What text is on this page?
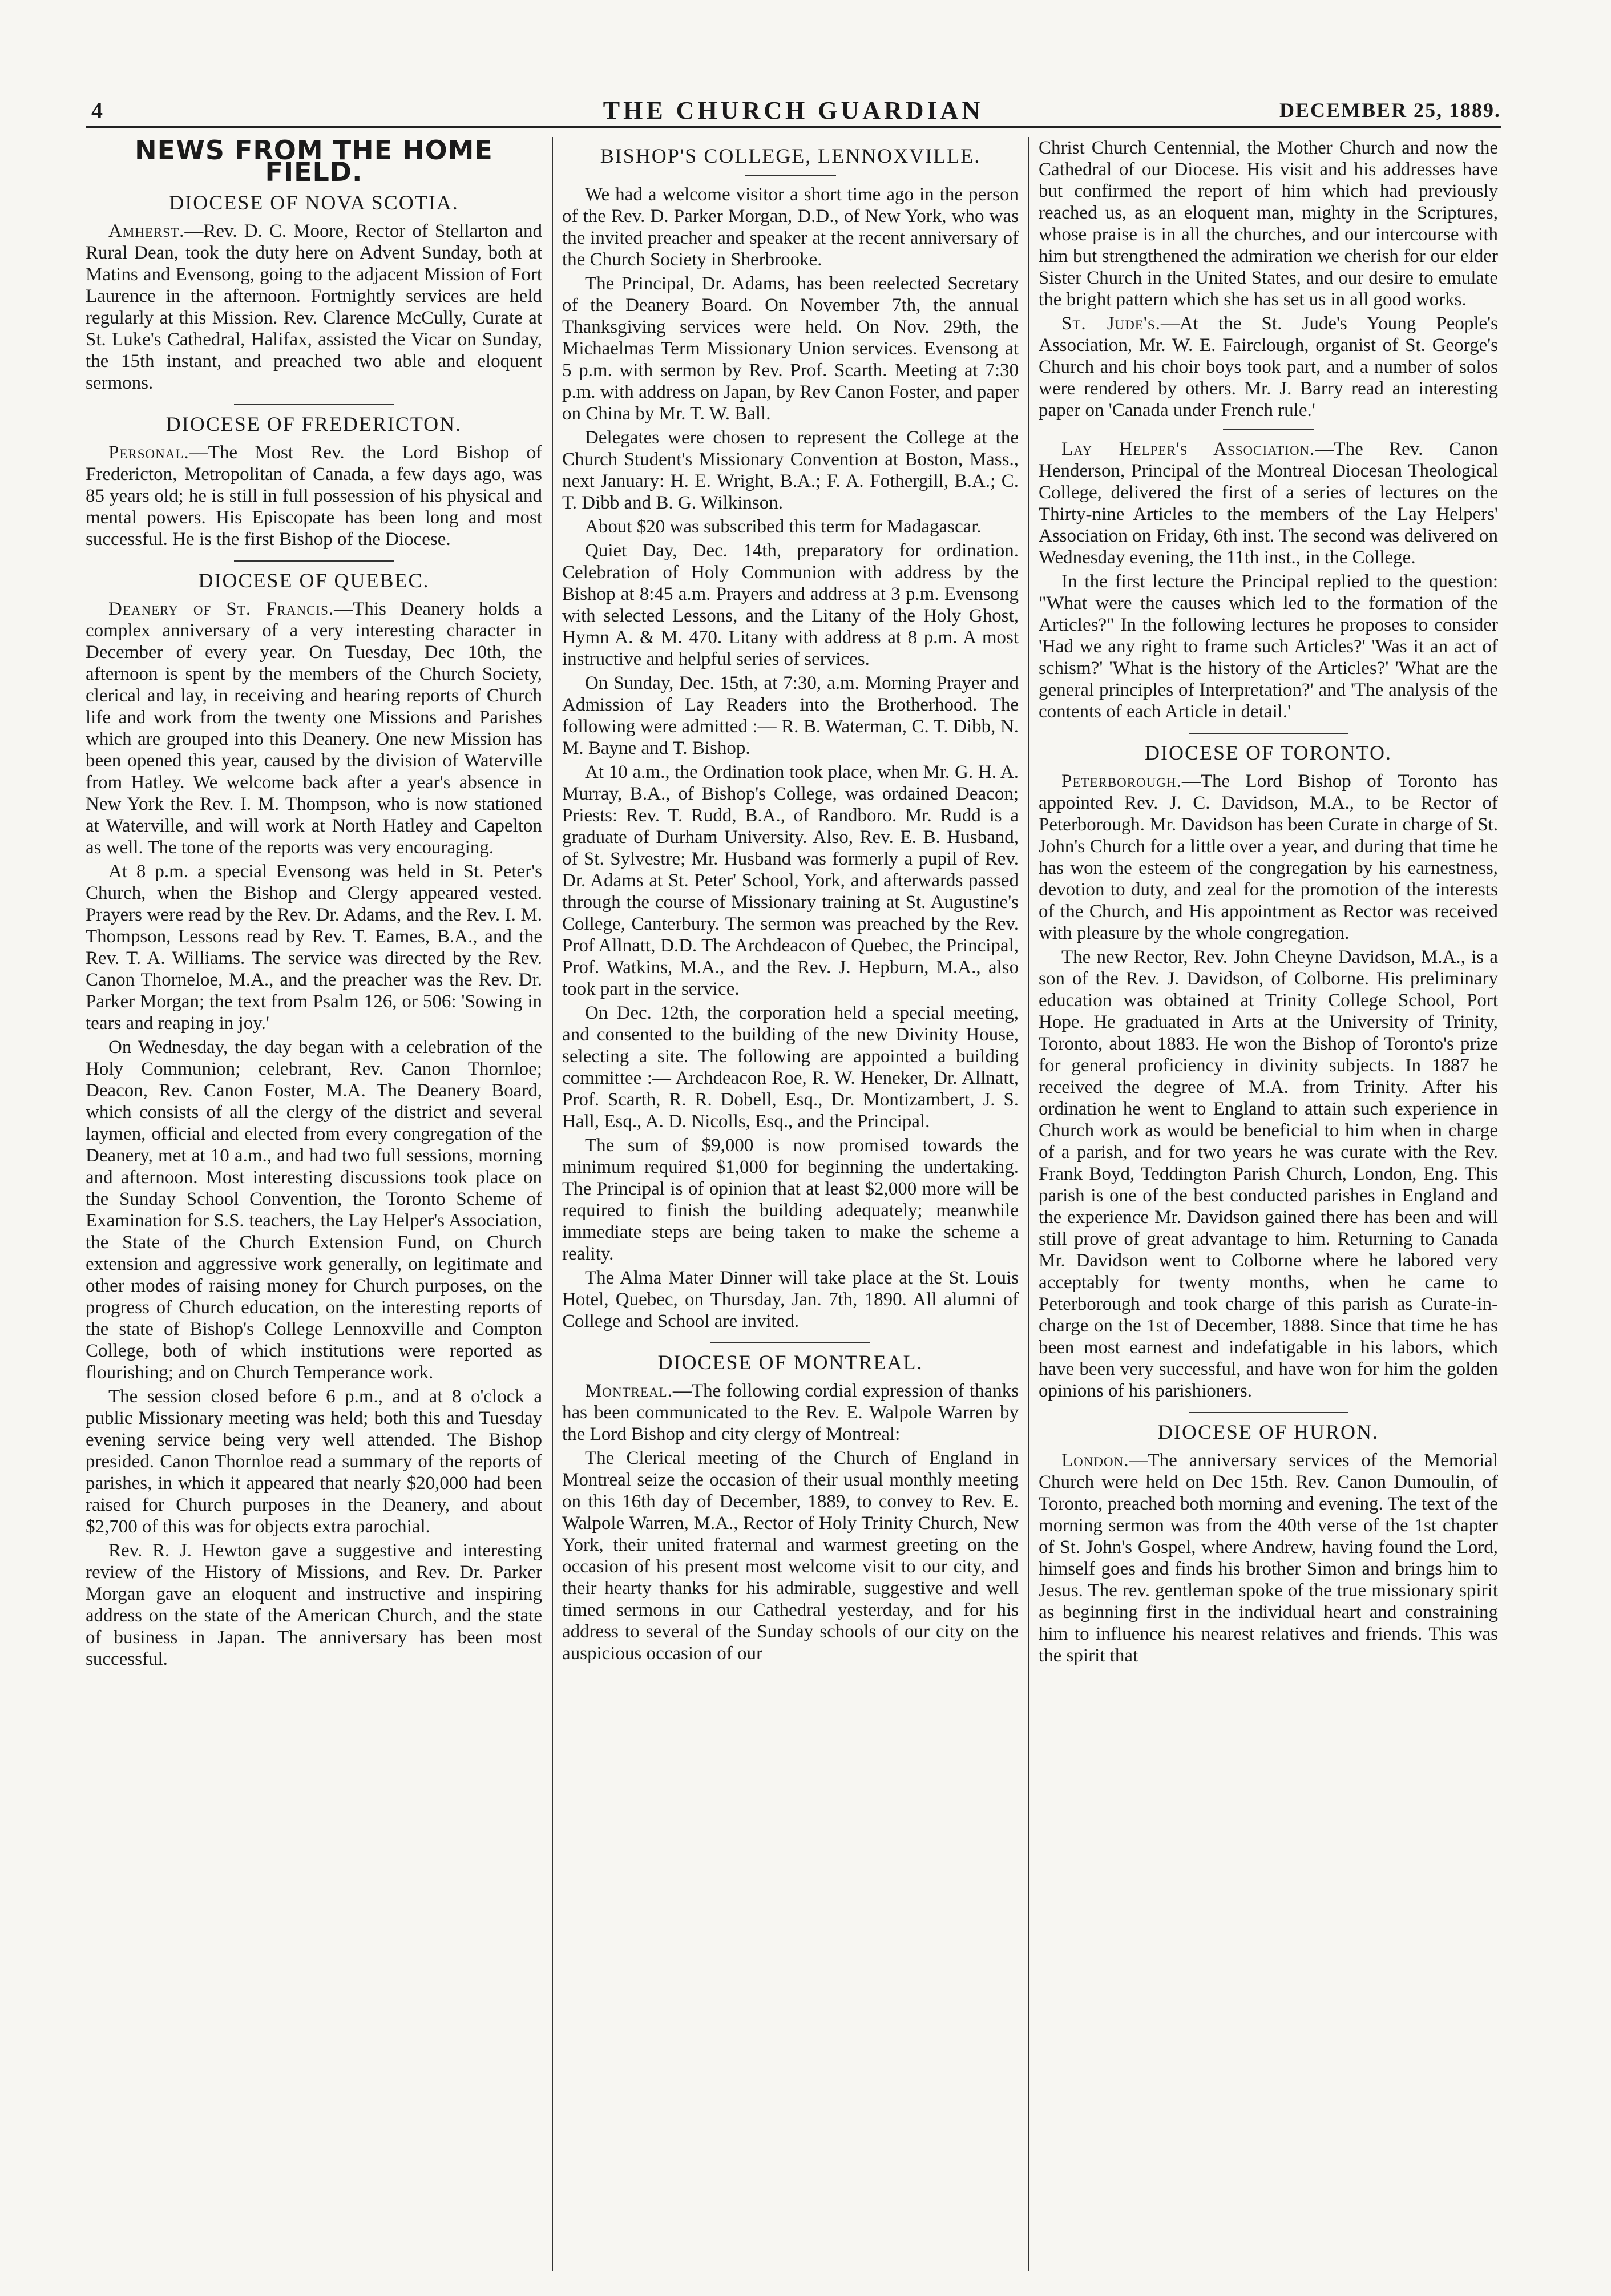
4	THE CHURCH GUARDIAN	DECEMBER 25, 1889.
NEWS FROM THE HOME FIELD.
DIOCESE OF NOVA SCOTIA.

Amherst.—Rev. D. C. Moore, Rector of Stellarton and Rural Dean, took the duty here on Advent Sunday, both at Matins and Evensong, going to the adjacent Mission of Fort Laurence in the afternoon. Fortnightly services are held regularly at this Mission. Rev. Clarence McCully, Curate at St. Luke's Cathedral, Halifax, assisted the Vicar on Sunday, the 15th instant, and preached two able and eloquent sermons.

DIOCESE OF FREDERICTON.

Personal.—The Most Rev. the Lord Bishop of Fredericton, Metropolitan of Canada, a few days ago, was 85 years old; he is still in full possession of his physical and mental powers. His Episcopate has been long and most successful. He is the first Bishop of the Diocese.

DIOCESE OF QUEBEC.

Deanery of St. Francis.—This Deanery holds a complex anniversary of a very interesting character in December of every year. On Tuesday, Dec 10th, the afternoon is spent by the members of the Church Society, clerical and lay, in receiving and hearing reports of Church life and work from the twenty one Missions and Parishes which are grouped into this Deanery. One new Mission has been opened this year, caused by the division of Waterville from Hatley. We welcome back after a year's absence in New York the Rev. I. M. Thompson, who is now stationed at Waterville, and will work at North Hatley and Capelton as well. The tone of the reports was very encouraging.

At 8 p.m. a special Evensong was held in St. Peter's Church, when the Bishop and Clergy appeared vested. Prayers were read by the Rev. Dr. Adams, and the Rev. I. M. Thompson, Lessons read by Rev. T. Eames, B.A., and the Rev. T. A. Williams. The service was directed by the Rev. Canon Thorneloe, M.A., and the preacher was the Rev. Dr. Parker Morgan; the text from Psalm 126, or 506: 'Sowing in tears and reaping in joy.'

On Wednesday, the day began with a celebration of the Holy Communion; celebrant, Rev. Canon Thornloe; Deacon, Rev. Canon Foster, M.A. The Deanery Board, which consists of all the clergy of the district and several laymen, official and elected from every congregation of the Deanery, met at 10 a.m., and had two full sessions, morning and afternoon. Most interesting discussions took place on the Sunday School Convention, the Toronto Scheme of Examination for S.S. teachers, the Lay Helper's Association, the State of the Church Extension Fund, on Church extension and aggressive work generally, on legitimate and other modes of raising money for Church purposes, on the progress of Church education, on the interesting reports of the state of Bishop's College Lennoxville and Compton College, both of which institutions were reported as flourishing; and on Church Temperance work.

The session closed before 6 p.m., and at 8 o'clock a public Missionary meeting was held; both this and Tuesday evening service being very well attended. The Bishop presided. Canon Thornloe read a summary of the reports of parishes, in which it appeared that nearly $20,000 had been raised for Church purposes in the Deanery, and about $2,700 of this was for objects extra parochial.

Rev. R. J. Hewton gave a suggestive and interesting review of the History of Missions, and Rev. Dr. Parker Morgan gave an eloquent and instructive and inspiring address on the state of the American Church, and the state of business in Japan. The anniversary has been most successful.

BISHOP'S COLLEGE, LENNOXVILLE.

We had a welcome visitor a short time ago in the person of the Rev. D. Parker Morgan, D.D., of New York, who was the invited preacher and speaker at the recent anniversary of the Church Society in Sherbrooke.

The Principal, Dr. Adams, has been reelected Secretary of the Deanery Board. On November 7th, the annual Thanksgiving services were held. On Nov. 29th, the Michaelmas Term Missionary Union services. Evensong at 5 p.m. with sermon by Rev. Prof. Scarth. Meeting at 7:30 p.m. with address on Japan, by Rev Canon Foster, and paper on China by Mr. T. W. Ball.

Delegates were chosen to represent the College at the Church Student's Missionary Convention at Boston, Mass., next January: H. E. Wright, B.A.; F. A. Fothergill, B.A.; C. T. Dibb and B. G. Wilkinson.

About $20 was subscribed this term for Madagascar.

Quiet Day, Dec. 14th, preparatory for ordination. Celebration of Holy Communion with address by the Bishop at 8:45 a.m. Prayers and address at 3 p.m. Evensong with selected Lessons, and the Litany of the Holy Ghost, Hymn A. & M. 470. Litany with address at 8 p.m. A most instructive and helpful series of services.

On Sunday, Dec. 15th, at 7:30, a.m. Morning Prayer and Admission of Lay Readers into the Brotherhood. The following were admitted :— R. B. Waterman, C. T. Dibb, N. M. Bayne and T. Bishop.

At 10 a.m., the Ordination took place, when Mr. G. H. A. Murray, B.A., of Bishop's College, was ordained Deacon; Priests: Rev. T. Rudd, B.A., of Randboro. Mr. Rudd is a graduate of Durham University. Also, Rev. E. B. Husband, of St. Sylvestre; Mr. Husband was formerly a pupil of Rev. Dr. Adams at St. Peter' School, York, and afterwards passed through the course of Missionary training at St. Augustine's College, Canterbury. The sermon was preached by the Rev. Prof Allnatt, D.D. The Archdeacon of Quebec, the Principal, Prof. Watkins, M.A., and the Rev. J. Hepburn, M.A., also took part in the service.

On Dec. 12th, the corporation held a special meeting, and consented to the building of the new Divinity House, selecting a site. The following are appointed a building committee :— Archdeacon Roe, R. W. Heneker, Dr. Allnatt, Prof. Scarth, R. R. Dobell, Esq., Dr. Montizambert, J. S. Hall, Esq., A. D. Nicolls, Esq., and the Principal.

The sum of $9,000 is now promised towards the minimum required $1,000 for beginning the undertaking. The Principal is of opinion that at least $2,000 more will be required to finish the building adequately; meanwhile immediate steps are being taken to make the scheme a reality.

The Alma Mater Dinner will take place at the St. Louis Hotel, Quebec, on Thursday, Jan. 7th, 1890. All alumni of College and School are invited.

DIOCESE OF MONTREAL.

Montreal.—The following cordial expression of thanks has been communicated to the Rev. E. Walpole Warren by the Lord Bishop and city clergy of Montreal:

The Clerical meeting of the Church of England in Montreal seize the occasion of their usual monthly meeting on this 16th day of December, 1889, to convey to Rev. E. Walpole Warren, M.A., Rector of Holy Trinity Church, New York, their united fraternal and warmest greeting on the occasion of his present most welcome visit to our city, and their hearty thanks for his admirable, suggestive and well timed sermons in our Cathedral yesterday, and for his address to several of the Sunday schools of our city on the auspicious occasion of our

Christ Church Centennial, the Mother Church and now the Cathedral of our Diocese. His visit and his addresses have but confirmed the report of him which had previously reached us, as an eloquent man, mighty in the Scriptures, whose praise is in all the churches, and our intercourse with him but strengthened the admiration we cherish for our elder Sister Church in the United States, and our desire to emulate the bright pattern which she has set us in all good works.

St. Jude's.—At the St. Jude's Young People's Association, Mr. W. E. Fairclough, organist of St. George's Church and his choir boys took part, and a number of solos were rendered by others. Mr. J. Barry read an interesting paper on 'Canada under French rule.'

Lay Helper's Association.—The Rev. Canon Henderson, Principal of the Montreal Diocesan Theological College, delivered the first of a series of lectures on the Thirty-nine Articles to the members of the Lay Helpers' Association on Friday, 6th inst. The second was delivered on Wednesday evening, the 11th inst., in the College.

In the first lecture the Principal replied to the question: "What were the causes which led to the formation of the Articles?" In the following lectures he proposes to consider 'Had we any right to frame such Articles?' 'Was it an act of schism?' 'What is the history of the Articles?' 'What are the general principles of Interpretation?' and 'The analysis of the contents of each Article in detail.'

DIOCESE OF TORONTO.

Peterborough.—The Lord Bishop of Toronto has appointed Rev. J. C. Davidson, M.A., to be Rector of Peterborough. Mr. Davidson has been Curate in charge of St. John's Church for a little over a year, and during that time he has won the esteem of the congregation by his earnestness, devotion to duty, and zeal for the promotion of the interests of the Church, and His appointment as Rector was received with pleasure by the whole congregation.

The new Rector, Rev. John Cheyne Davidson, M.A., is a son of the Rev. J. Davidson, of Colborne. His preliminary education was obtained at Trinity College School, Port Hope. He graduated in Arts at the University of Trinity, Toronto, about 1883. He won the Bishop of Toronto's prize for general proficiency in divinity subjects. In 1887 he received the degree of M.A. from Trinity. After his ordination he went to England to attain such experience in Church work as would be beneficial to him when in charge of a parish, and for two years he was curate with the Rev. Frank Boyd, Teddington Parish Church, London, Eng. This parish is one of the best conducted parishes in England and the experience Mr. Davidson gained there has been and will still prove of great advantage to him. Returning to Canada Mr. Davidson went to Colborne where he labored very acceptably for twenty months, when he came to Peterborough and took charge of this parish as Curate-in-charge on the 1st of December, 1888. Since that time he has been most earnest and indefatigable in his labors, which have been very successful, and have won for him the golden opinions of his parishioners.

DIOCESE OF HURON.

London.—The anniversary services of the Memorial Church were held on Dec 15th. Rev. Canon Dumoulin, of Toronto, preached both morning and evening. The text of the morning sermon was from the 40th verse of the 1st chapter of St. John's Gospel, where Andrew, having found the Lord, himself goes and finds his brother Simon and brings him to Jesus. The rev. gentleman spoke of the true missionary spirit as beginning first in the individual heart and constraining him to influence his nearest relatives and friends. This was the spirit that
